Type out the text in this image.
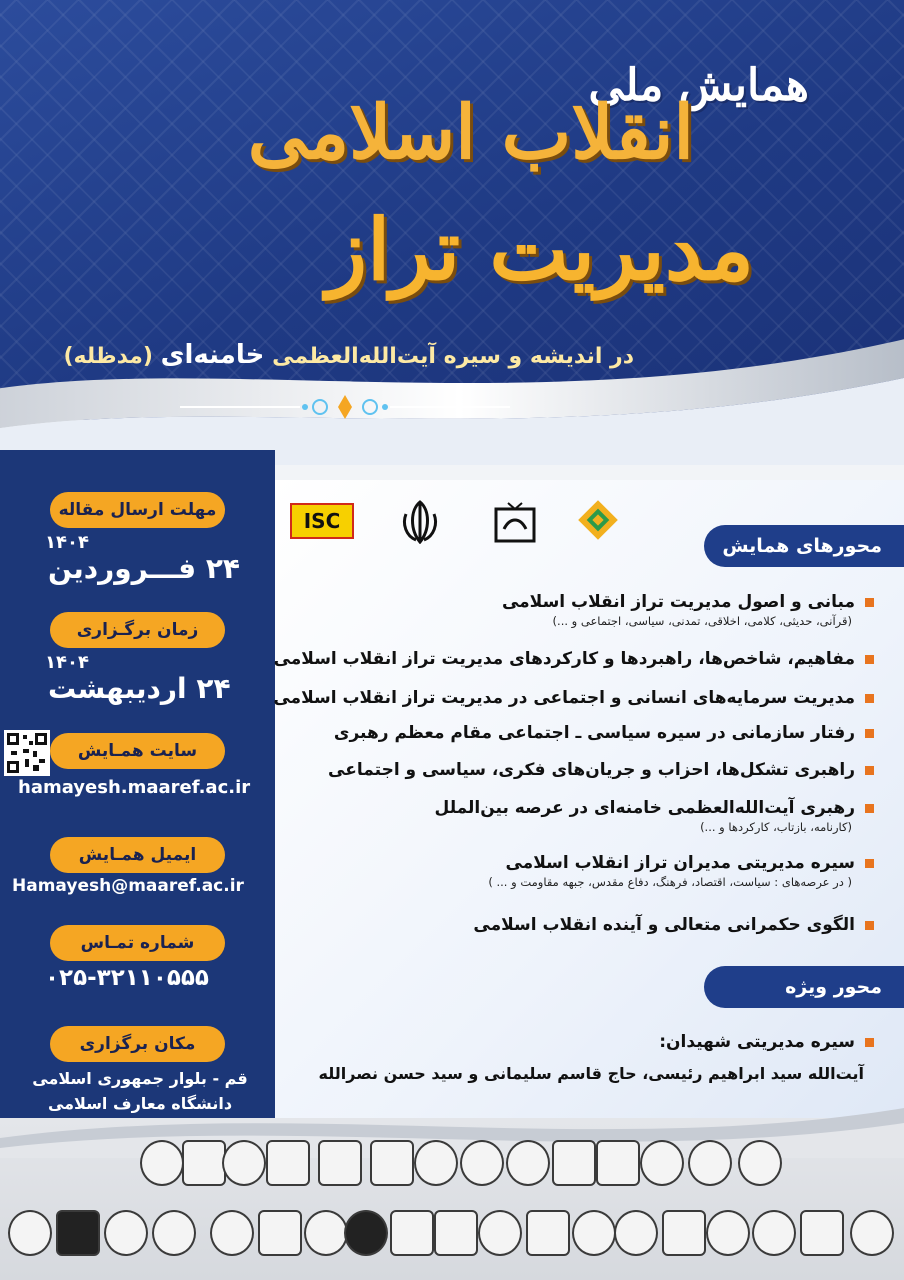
همایش ملی
انقلاب اسلامی
مدیریت تراز
در اندیشه و سیره آیت‌الله‌العظمی خامنه‌ای (مدظله)
مهلت ارسال مقاله
۱۴۰۴
۲۴ فـــروردین
زمان برگـزاری
۱۴۰۴
۲۴ اردیبهشت
سایت همـایش
hamayesh.maaref.ac.ir
ایمیل همـایش
Hamayesh@maaref.ac.ir
شماره تمـاس
۰۲۵-۳۲۱۱۰۵۵۵
مکان برگزاری
قم - بلوار جمهوری اسلامی
دانشگاه معارف اسلامی
ISC
محورهای همایش
مبانی و اصول مدیریت تراز انقلاب اسلامی
(قرآنی، حدیثی، کلامی، اخلاقی، تمدنی، سیاسی، اجتماعی و ...)
مفاهیم، شاخص‌ها، راهبردها و کارکردهای مدیریت تراز انقلاب اسلامی
مدیریت سرمایه‌های انسانی و اجتماعی در مدیریت تراز انقلاب اسلامی
رفتار سازمانی در سیره سیاسی ـ اجتماعی مقام معظم رهبری
راهبری تشکل‌ها، احزاب و جریان‌های فکری، سیاسی و اجتماعی
رهبری آیت‌الله‌العظمی خامنه‌ای در عرصه بین‌الملل
(کارنامه، بازتاب، کارکردها و ...)
سیره مدیریتی مدیران تراز انقلاب اسلامی
( در عرصه‌های : سیاست، اقتصاد، فرهنگ، دفاع مقدس، جبهه مقاومت و ... )
الگوی حکمرانی متعالی و آینده انقلاب اسلامی
محور ویژه
سیره مدیریتی شهیدان:
آیت‌الله سید ابراهیم رئیسی، حاج قاسم سلیمانی و سید حسن نصرالله
